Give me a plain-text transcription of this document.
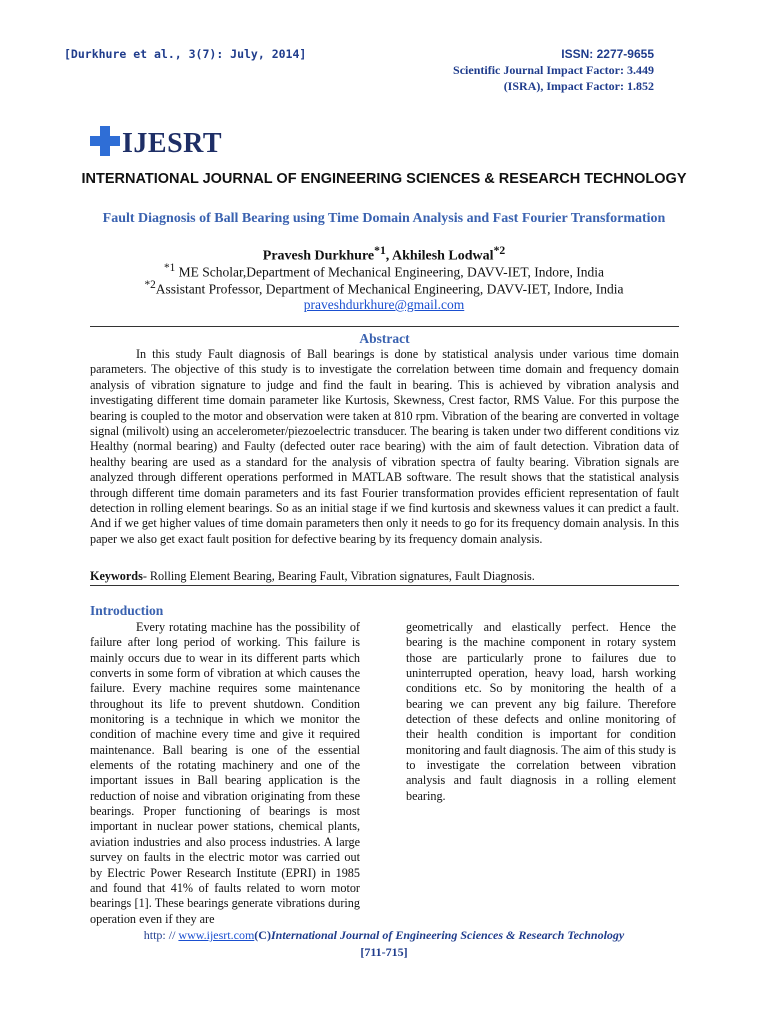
[Durkhure et al., 3(7): July, 2014]	ISSN: 2277-9655
Scientific Journal Impact Factor: 3.449
(ISRA), Impact Factor: 1.852
IJESRT
INTERNATIONAL JOURNAL OF ENGINEERING SCIENCES & RESEARCH TECHNOLOGY
Fault Diagnosis of Ball Bearing using Time Domain Analysis and Fast Fourier Transformation
Pravesh Durkhure$^{*1}$, Akhilesh Lodwal$^{*2}$
$^{*1}$ ME Scholar,Department of Mechanical Engineering, DAVV-IET, Indore, India
$^{*2}$Assistant Professor, Department of Mechanical Engineering, DAVV-IET, Indore, India
praveshdurkhure@gmail.com
Abstract
In this study Fault diagnosis of Ball bearings is done by statistical analysis under various time domain parameters. The objective of this study is to investigate the correlation between time domain and frequency domain analysis of vibration signature to judge and find the fault in bearing. This is achieved by vibration analysis and investigating different time domain parameter like Kurtosis, Skewness, Crest factor, RMS Value. For this purpose the bearing is coupled to the motor and observation were taken at 810 rpm. Vibration of the bearing are converted in voltage signal (milivolt) using an accelerometer/piezoelectric transducer. The bearing is taken under two different conditions viz Healthy (normal bearing) and Faulty (defected outer race bearing) with the aim of fault detection. Vibration data of healthy bearing are used as a standard for the analysis of vibration spectra of faulty bearing. Vibration signals are analyzed through different operations performed in MATLAB software. The result shows that the statistical analysis through different time domain parameters and its fast Fourier transformation provides efficient representation of fault detection in rolling element bearings. So as an initial stage if we find kurtosis and skewness values it can predict a fault. And if we get higher values of time domain parameters then only it needs to go for its frequency domain analysis. In this paper we also get exact fault position for defective bearing by its frequency domain analysis.
Keywords- Rolling Element Bearing, Bearing Fault, Vibration signatures, Fault Diagnosis.
Introduction
Every rotating machine has the possibility of failure after long period of working. This failure is mainly occurs due to wear in its different parts which converts in some form of vibration at which causes the failure. Every machine requires some maintenance throughout its life to prevent shutdown. Condition monitoring is a technique in which we monitor the condition of machine every time and give it required maintenance. Ball bearing is one of the essential elements of the rotating machinery and one of the important issues in Ball bearing application is the reduction of noise and vibration originating from these bearings. Proper functioning of bearings is most important in nuclear power stations, chemical plants, aviation industries and also process industries. A large survey on faults in the electric motor was carried out by Electric Power Research Institute (EPRI) in 1985 and found that 41% of faults related to worn motor bearings [1]. These bearings generate vibrations during operation even if they are
geometrically and elastically perfect. Hence the bearing is the machine component in rotary system those are particularly prone to failures due to uninterrupted operation, heavy load, harsh working conditions etc. So by monitoring the health of a bearing we can prevent any big failure. Therefore detection of these defects and online monitoring of their health condition is important for condition monitoring and fault diagnosis. The aim of this study is to investigate the correlation between vibration analysis and fault diagnosis in a rolling element bearing.
http: // www.ijesrt.com(C)International Journal of Engineering Sciences & Research Technology
[711-715]
